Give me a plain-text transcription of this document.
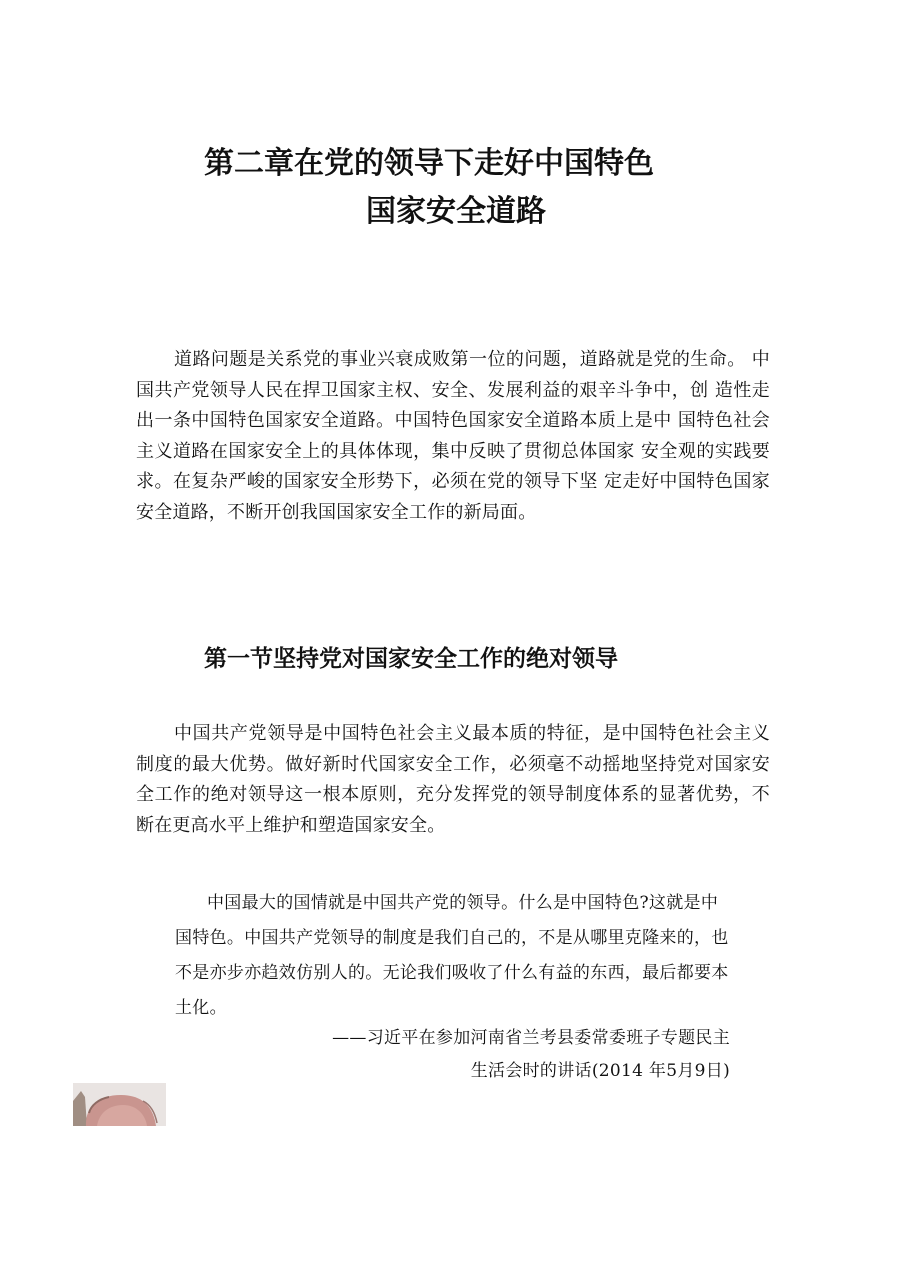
第二章在党的领导下走好中国特色
国家安全道路

道路问题是关系党的事业兴衰成败第一位的问题，道路就是党的生命。 中国共产党领导人民在捍卫国家主权、安全、发展利益的艰辛斗争中，创 造性走出一条中国特色国家安全道路。中国特色国家安全道路本质上是中 国特色社会主义道路在国家安全上的具体体现，集中反映了贯彻总体国家 安全观的实践要求。在复杂严峻的国家安全形势下，必须在党的领导下坚 定走好中国特色国家安全道路，不断开创我国国家安全工作的新局面。

第一节坚持党对国家安全工作的绝对领导

中国共产党领导是中国特色社会主义最本质的特征，是中国特色社会主义制度的最大优势。做好新时代国家安全工作，必须毫不动摇地坚持党对国家安全工作的绝对领导这一根本原则，充分发挥党的领导制度体系的显著优势，不断在更高水平上维护和塑造国家安全。

中国最大的国情就是中国共产党的领导。什么是中国特色?这就是中国特色。中国共产党领导的制度是我们自己的，不是从哪里克隆来的，也不是亦步亦趋效仿别人的。无论我们吸收了什么有益的东西，最后都要本土化。

——习近平在参加河南省兰考县委常委班子专题民主
生活会时的讲话(2014 年5月9日)
